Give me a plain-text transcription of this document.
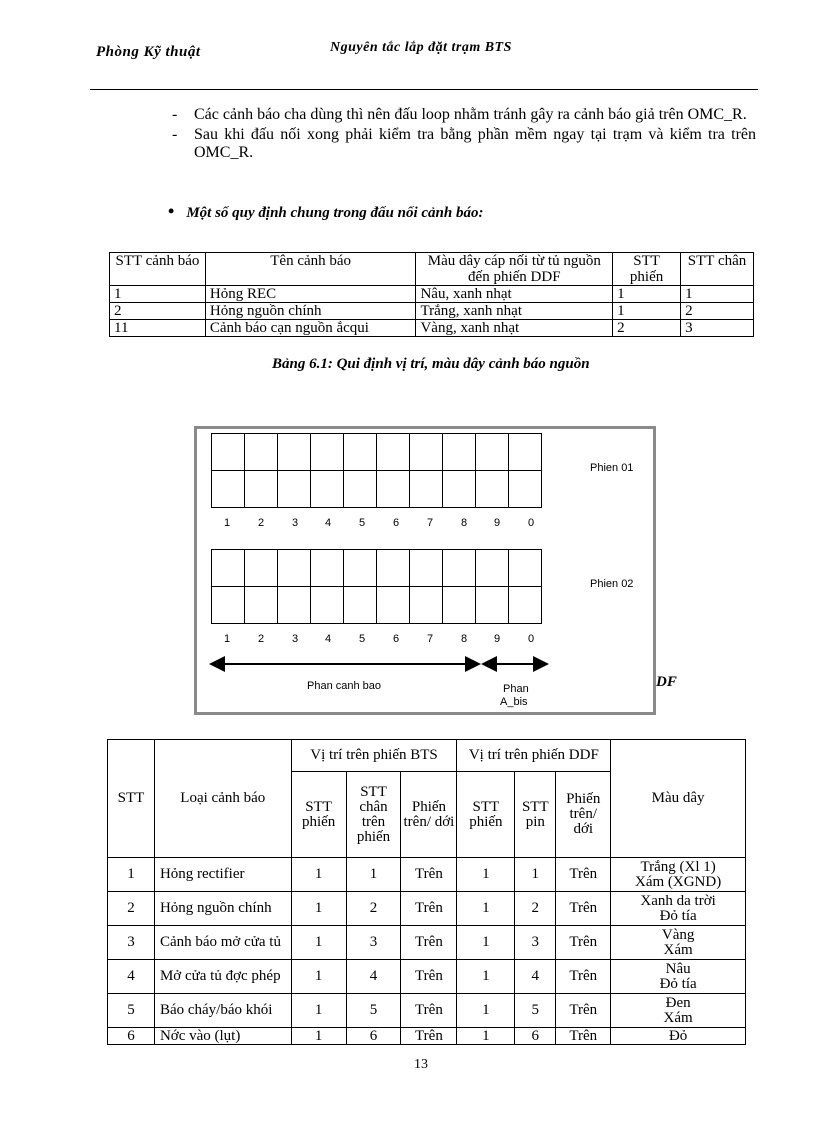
Phòng Kỹ thuật	Nguyên tắc lắp đặt trạm BTS
- Các cảnh báo cha dùng thì nên đấu loop nhằm tránh gây ra cảnh báo giả trên OMC_R.
- Sau khi đấu nối xong phải kiểm tra bằng phần mềm ngay tại trạm và kiểm tra trên OMC_R.
• Một số quy định chung trong đấu nối cảnh báo:
STT cảnh báo	Tên cảnh báo	Màu dây cáp nối từ tủ nguồn đến phiến DDF	STT phiến	STT chân
1	Hỏng REC	Nâu, xanh nhạt	1	1
2	Hỏng nguồn chính	Trắng, xanh nhạt	1	2
11	Cảnh báo cạn nguồn ắcqui	Vàng, xanh nhạt	2	3
Bảng 6.1: Qui định vị trí, màu dây cảnh báo nguồn

Phien 01
1	2	3 4	5	6	7	8 9	0

Phien 02
1	2	3 4	5	6	7	8 9	0
Phan canh bao	Phan
A_bis
DF
STT	Loại cảnh báo	Vị trí trên phiến BTS			Vị trí trên phiến DDF			Màu dây
		STT phiến	STT chân trên phiến	Phiến trên/ dới	STT phiến	STT pin	Phiến trên/ dới	
1	Hỏng rectifier	1	1	Trên	1	1	Trên	Trắng (Xl 1)
Xám (XGND)
2	Hỏng nguồn chính	1	2	Trên	1	2	Trên	Xanh da trời
Đỏ tía
3	Cảnh báo mở cửa tủ	1	3	Trên	1	3	Trên	Vàng
Xám
4	Mở cửa tủ đợc phép	1	4	Trên	1	4	Trên	Nâu
Đỏ tía
5	Báo cháy/báo khói	1	5	Trên	1	5	Trên	Đen
Xám
6	Nớc vào (lụt)	1	6	Trên	1	6	Trên	Đỏ
13
